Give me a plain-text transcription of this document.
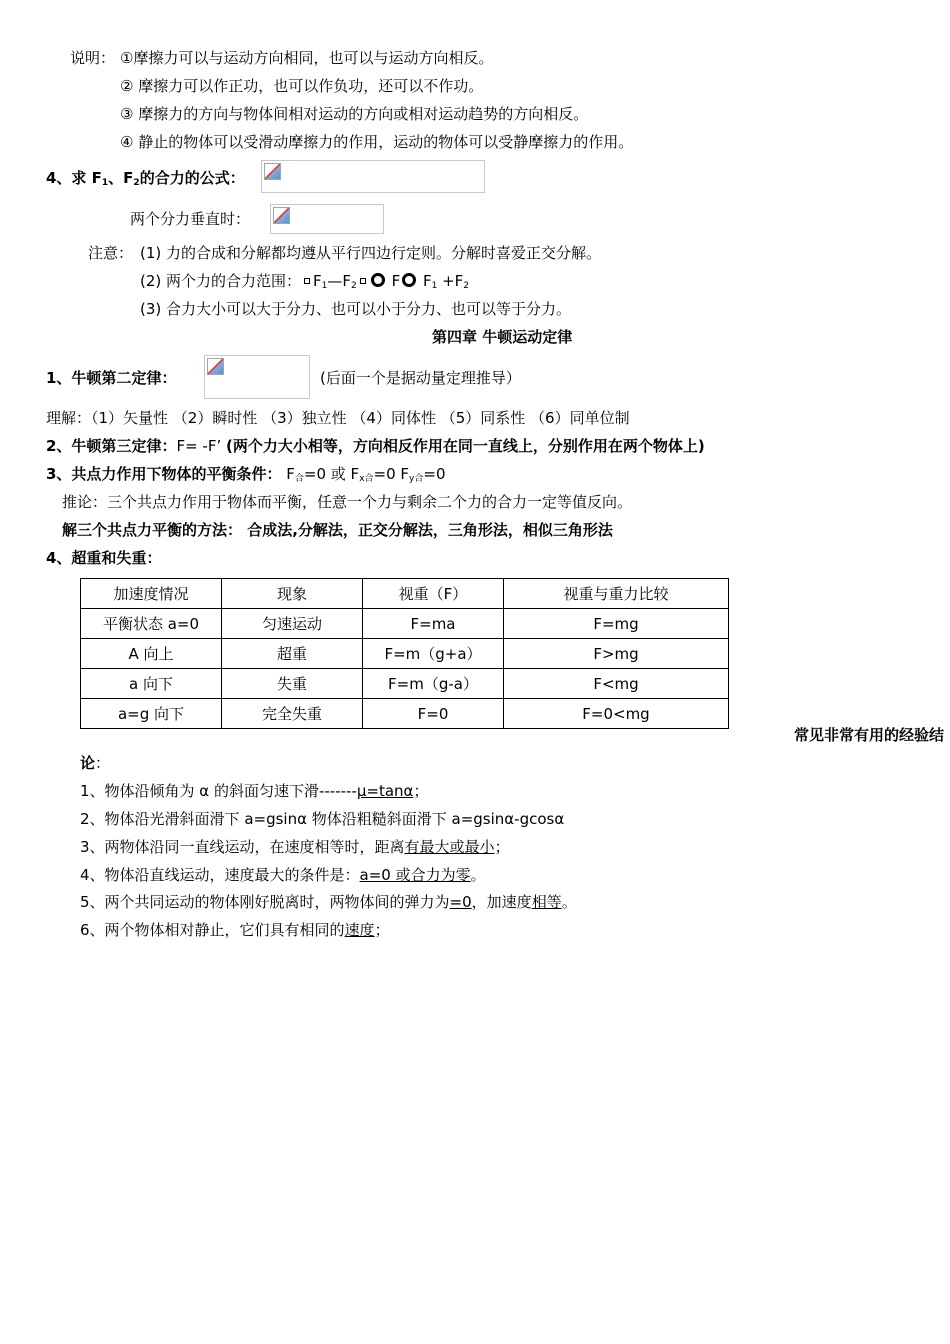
说明： ①摩擦力可以与运动方向相同，也可以与运动方向相反。
② 摩擦力可以作正功，也可以作负功，还可以不作功。
③ 摩擦力的方向与物体间相对运动的方向或相对运动趋势的方向相反。
④ 静止的物体可以受滑动摩擦力的作用，运动的物体可以受静摩擦力的作用。
4、求 $F_1$、$F_2$的合力的公式：
两个分力垂直时：
注意： (1) 力的合成和分解都均遵从平行四边行定则。分解时喜爱正交分解。
(2) 两个力的合力范围： $F_1—F_2$ F $F_1 +F_2$
(3) 合力大小可以大于分力、也可以小于分力、也可以等于分力。
第四章 牛顿运动定律
1、牛顿第二定律：	(后面一个是据动量定理推导）
理解：（1）矢量性 （2）瞬时性 （3）独立性 （4）同体性 （5）同系性 （6）同单位制
2、牛顿第三定律：F= -F’ (两个力大小相等，方向相反作用在同一直线上，分别作用在两个物体上)
3、共点力作用下物体的平衡条件： $F_合=0$ 或 $F_{x合}=0$ $F_{y合}=0$
推论：三个共点力作用于物体而平衡，任意一个力与剩余二个力的合力一定等值反向。
解三个共点力平衡的方法： 合成法,分解法，正交分解法，三角形法，相似三角形法
4、超重和失重：
加速度情况	现象	视重（F）	视重与重力比较
平衡状态 a=0	匀速运动	F=ma	F=mg
A 向上	超重	F=m（g+a）	F>mg
a 向下	失重	F=m（g-a）	F<mg
a=g 向下	完全失重	F=0	F=0<mg
常见非常有用的经验结
论：
1、物体沿倾角为 α 的斜面匀速下滑-------μ=tanα；
2、物体沿光滑斜面滑下 a=gsinα 物体沿粗糙斜面滑下 a=gsinα-gcosα
3、两物体沿同一直线运动，在速度相等时，距离有最大或最小；
4、物体沿直线运动，速度最大的条件是：a=0 或合力为零。
5、两个共同运动的物体刚好脱离时，两物体间的弹力为=0，加速度相等。
6、两个物体相对静止，它们具有相同的速度；
